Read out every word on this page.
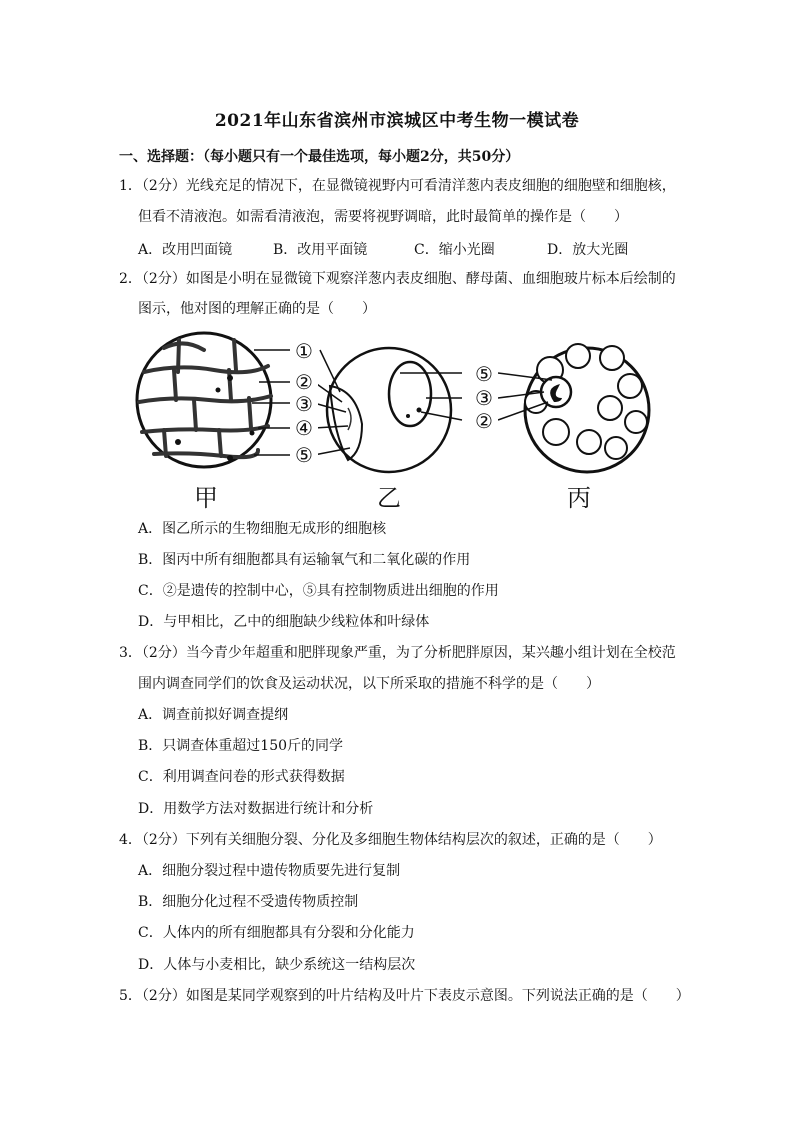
2021年山东省滨州市滨城区中考生物一模试卷
一、选择题：（每小题只有一个最佳选项，每小题2分，共50分）
1．（2分）光线充足的情况下，在显微镜视野内可看清洋葱内表皮细胞的细胞壁和细胞核，
但看不清液泡。如需看清液泡，需要将视野调暗，此时最简单的操作是（　　）
A．改用凹面镜	B．改用平面镜	C．缩小光圈	D．放大光圈
2．（2分）如图是小明在显微镜下观察洋葱内表皮细胞、酵母菌、血细胞玻片标本后绘制的
图示，他对图的理解正确的是（　　）
①
②
③
④
⑤
⑤
③
②
甲	乙	丙
A．图乙所示的生物细胞无成形的细胞核
B．图丙中所有细胞都具有运输氧气和二氧化碳的作用
C．②是遗传的控制中心，⑤具有控制物质进出细胞的作用
D．与甲相比，乙中的细胞缺少线粒体和叶绿体
3．（2分）当今青少年超重和肥胖现象严重，为了分析肥胖原因，某兴趣小组计划在全校范
围内调查同学们的饮食及运动状况，以下所采取的措施不科学的是（　　）
A．调查前拟好调查提纲
B．只调查体重超过150斤的同学
C．利用调查问卷的形式获得数据
D．用数学方法对数据进行统计和分析
4．（2分）下列有关细胞分裂、分化及多细胞生物体结构层次的叙述，正确的是（　　）
A．细胞分裂过程中遗传物质要先进行复制
B．细胞分化过程不受遗传物质控制
C．人体内的所有细胞都具有分裂和分化能力
D．人体与小麦相比，缺少系统这一结构层次
5．（2分）如图是某同学观察到的叶片结构及叶片下表皮示意图。下列说法正确的是（　　）
